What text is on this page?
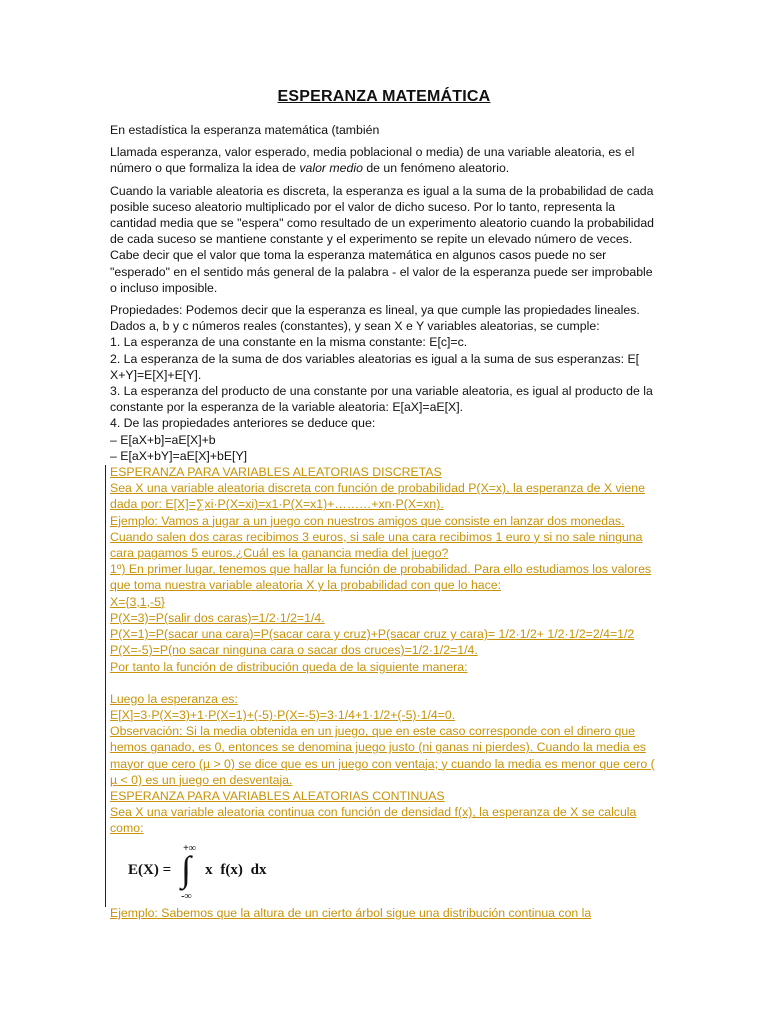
ESPERANZA MATEMÁTICA

En estadística la esperanza matemática (también

Llamada esperanza, valor esperado, media poblacional o media) de una variable aleatoria, es el número o que formaliza la idea de valor medio de un fenómeno aleatorio.

Cuando la variable aleatoria es discreta, la esperanza es igual a la suma de la probabilidad de cada posible suceso aleatorio multiplicado por el valor de dicho suceso. Por lo tanto, representa la cantidad media que se "espera" como resultado de un experimento aleatorio cuando la probabilidad de cada suceso se mantiene constante y el experimento se repite un elevado número de veces. Cabe decir que el valor que toma la esperanza matemática en algunos casos puede no ser "esperado" en el sentido más general de la palabra - el valor de la esperanza puede ser improbable o incluso imposible.

Propiedades: Podemos decir que la esperanza es lineal, ya que cumple las propiedades lineales.

Dados a, b y c números reales (constantes), y sean X e Y variables aleatorias, se cumple:

1. La esperanza de una constante en la misma constante: E[c]=c.

2. La esperanza de la suma de dos variables aleatorias es igual a la suma de sus esperanzas: E[ X+Y]=E[X]+E[Y].

3. La esperanza del producto de una constante por una variable aleatoria, es igual al producto de la constante por la esperanza de la variable aleatoria: E[aX]=aE[X].

4. De las propiedades anteriores se deduce que:

– E[aX+b]=aE[X]+b

– E[aX+bY]=aE[X]+bE[Y]

ESPERANZA PARA VARIABLES ALEATORIAS DISCRETAS

Sea X una variable aleatoria discreta con función de probabilidad P(X=x), la esperanza de X viene dada por: E[X]=∑xi·P(X=xi)=x1·P(X=x1)+………+xn·P(X=xn).

Ejemplo: Vamos a jugar a un juego con nuestros amigos que consiste en lanzar dos monedas. Cuando salen dos caras recibimos 3 euros, si sale una cara recibimos 1 euro y si no sale ninguna cara pagamos 5 euros.¿Cuál es la ganancia media del juego?

1º) En primer lugar, tenemos que hallar la función de probabilidad. Para ello estudiamos los valores que toma nuestra variable aleatoria X y la probabilidad con que lo hace:

X={3,1,-5}

P(X=3)=P(salir dos caras)=1/2·1/2=1/4.

P(X=1)=P(sacar una cara)=P(sacar cara y cruz)+P(sacar cruz y cara)= 1/2·1/2+ 1/2·1/2=2/4=1/2

P(X=-5)=P(no sacar ninguna cara o sacar dos cruces)=1/2·1/2=1/4.

Por tanto la función de distribución queda de la siguiente manera:

Luego la esperanza es:

E[X]=3·P(X=3)+1·P(X=1)+(-5)·P(X=-5)=3·1/4+1·1/2+(-5)·1/4=0.

Observación: Si la media obtenida en un juego, que en este caso corresponde con el dinero que hemos ganado, es 0, entonces se denomina juego justo (ni ganas ni pierdes). Cuando la media es mayor que cero (µ > 0) se dice que es un juego con ventaja; y cuando la media es menor que cero ( µ < 0) es un juego en desventaja.

ESPERANZA PARA VARIABLES ALEATORIAS CONTINUAS

Sea X una variable aleatoria continua con función de densidad f(x), la esperanza de X se calcula como:

E(X) =
+∞
∫
-∞
x f(x) dx

Ejemplo: Sabemos que la altura de un cierto árbol sigue una distribución continua con la
